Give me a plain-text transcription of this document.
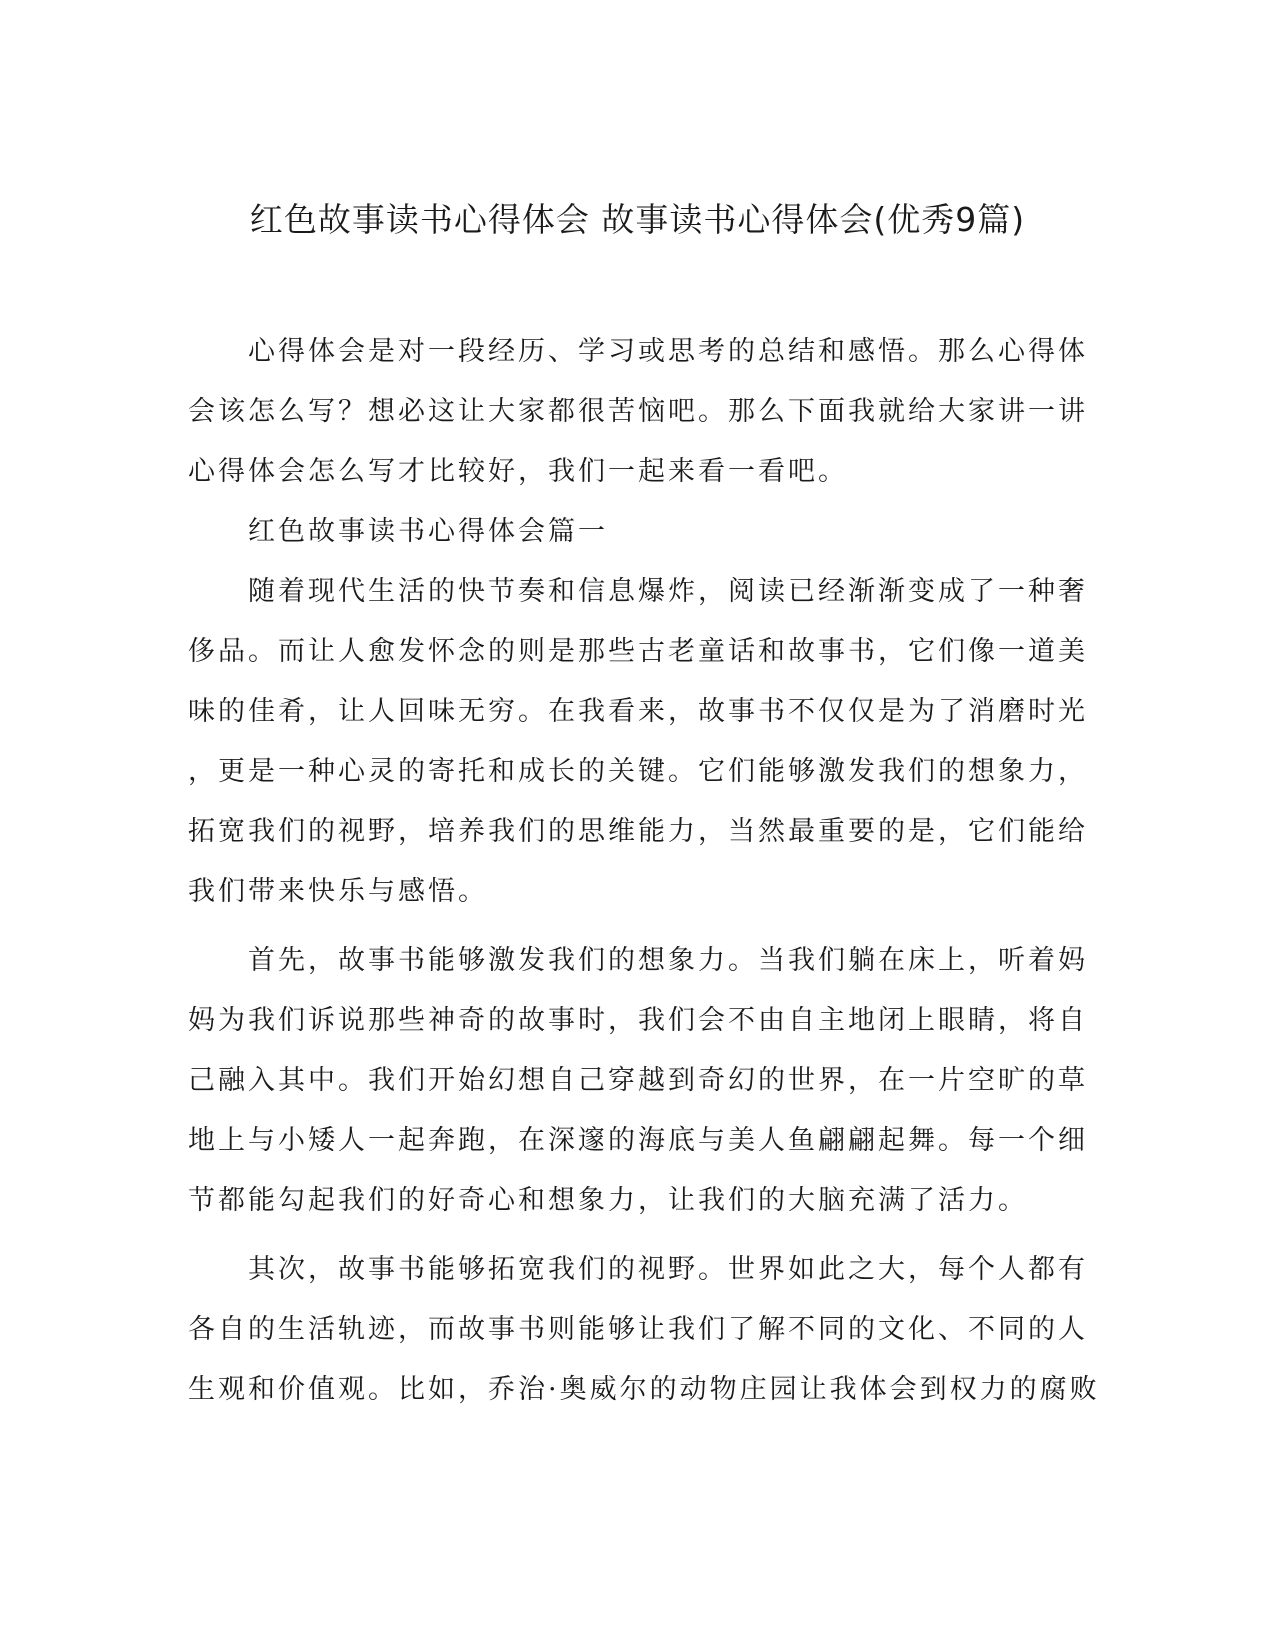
红色故事读书心得体会 故事读书心得体会(优秀9篇)
　　心得体会是对一段经历、学习或思考的总结和感悟。那么心得体
会该怎么写？想必这让大家都很苦恼吧。那么下面我就给大家讲一讲
心得体会怎么写才比较好，我们一起来看一看吧。
　　红色故事读书心得体会篇一
　　随着现代生活的快节奏和信息爆炸，阅读已经渐渐变成了一种奢
侈品。而让人愈发怀念的则是那些古老童话和故事书，它们像一道美
味的佳肴，让人回味无穷。在我看来，故事书不仅仅是为了消磨时光
，更是一种心灵的寄托和成长的关键。它们能够激发我们的想象力，
拓宽我们的视野，培养我们的思维能力，当然最重要的是，它们能给
我们带来快乐与感悟。
　　首先，故事书能够激发我们的想象力。当我们躺在床上，听着妈
妈为我们诉说那些神奇的故事时，我们会不由自主地闭上眼睛，将自
己融入其中。我们开始幻想自己穿越到奇幻的世界，在一片空旷的草
地上与小矮人一起奔跑，在深邃的海底与美人鱼翩翩起舞。每一个细
节都能勾起我们的好奇心和想象力，让我们的大脑充满了活力。
　　其次，故事书能够拓宽我们的视野。世界如此之大，每个人都有
各自的生活轨迹，而故事书则能够让我们了解不同的文化、不同的人
生观和价值观。比如，乔治·奥威尔的动物庄园让我体会到权力的腐败
